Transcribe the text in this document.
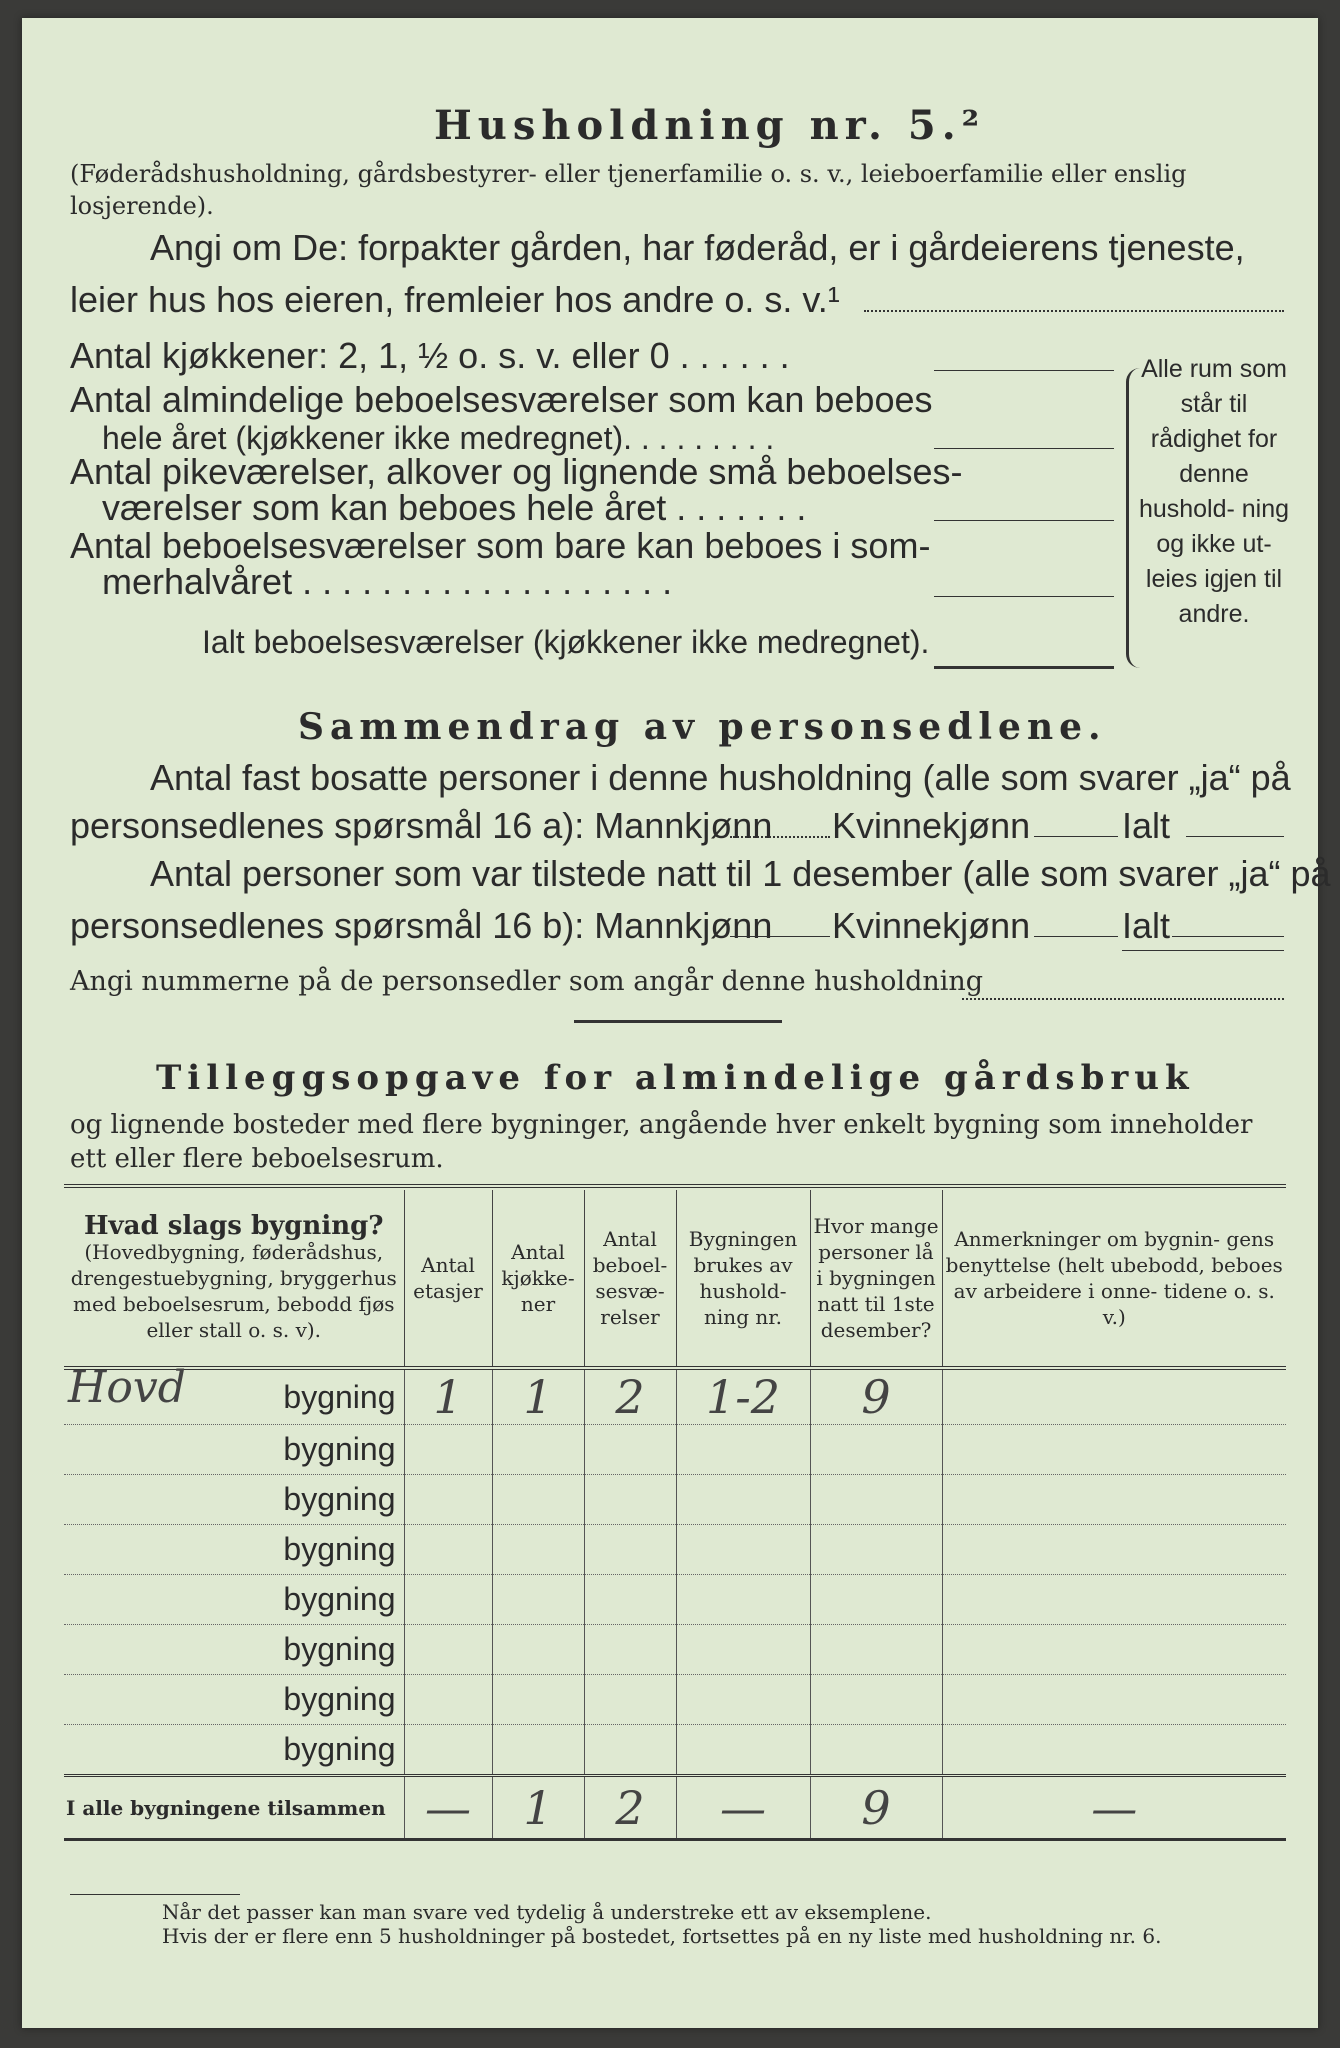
Husholdning nr. 5.²
(Føderådshusholdning, gårdsbestyrer- eller tjenerfamilie o. s. v., leieboerfamilie eller enslig losjerende).
Angi om De: forpakter gården, har føderåd, er i gårdeierens tjeneste,
leier hus hos eieren, fremleier hos andre o. s. v.¹
Antal kjøkkener: 2, 1, ½ o. s. v. eller 0 . . . . . .
Antal almindelige beboelsesværelser som kan beboes
hele året (kjøkkener ikke medregnet). . . . . . . . .
Antal pikeværelser, alkover og lignende små beboelses-
værelser som kan beboes hele året . . . . . . .
Antal beboelsesværelser som bare kan beboes i som-
merhalvåret . . . . . . . . . . . . . . . . . . .
Ialt beboelsesværelser (kjøkkener ikke medregnet).
Alle rum som står til rådighet for denne hushold- ning og ikke ut- leies igjen til andre.
Sammendrag av personsedlene.
Antal fast bosatte personer i denne husholdning (alle som svarer „ja“ på
personsedlenes spørsmål 16 a): Mannkjønn Kvinnekjønn	Ialt
Antal personer som var tilstede natt til 1 desember (alle som svarer „ja“ på
personsedlenes spørsmål 16 b): Mannkjønn Kvinnekjønn	Ialt
Angi nummerne på de personsedler som angår denne husholdning
Tilleggsopgave for almindelige gårdsbruk
og lignende bosteder med flere bygninger, angående hver enkelt bygning som inneholder ett eller flere beboelsesrum.
Hvad slags bygning?
(Hovedbygning, føderådshus, drengestuebygning, bryggerhus med beboelsesrum, bebodd fjøs eller stall o. s. v).	Antal etasjer	Antal kjøkke- ner	Antal beboel- sesvæ- relser	Bygningen brukes av hushold- ning nr.	Hvor mange personer lå i bygningen natt til 1ste desember?	Anmerkninger om bygnin- gens benyttelse (helt ubebodd, beboes av arbeidere i onne- tidene o. s. v.)

Hovd bygning	1	1	2	1-2	9	

bygning						

bygning						

bygning						

bygning						

bygning						

bygning						

bygning						
I alle bygningene tilsammen	—	1	2	—	9	—
Når det passer kan man svare ved tydelig å understreke ett av eksemplene.
Hvis der er flere enn 5 husholdninger på bostedet, fortsettes på en ny liste med husholdning nr. 6.
